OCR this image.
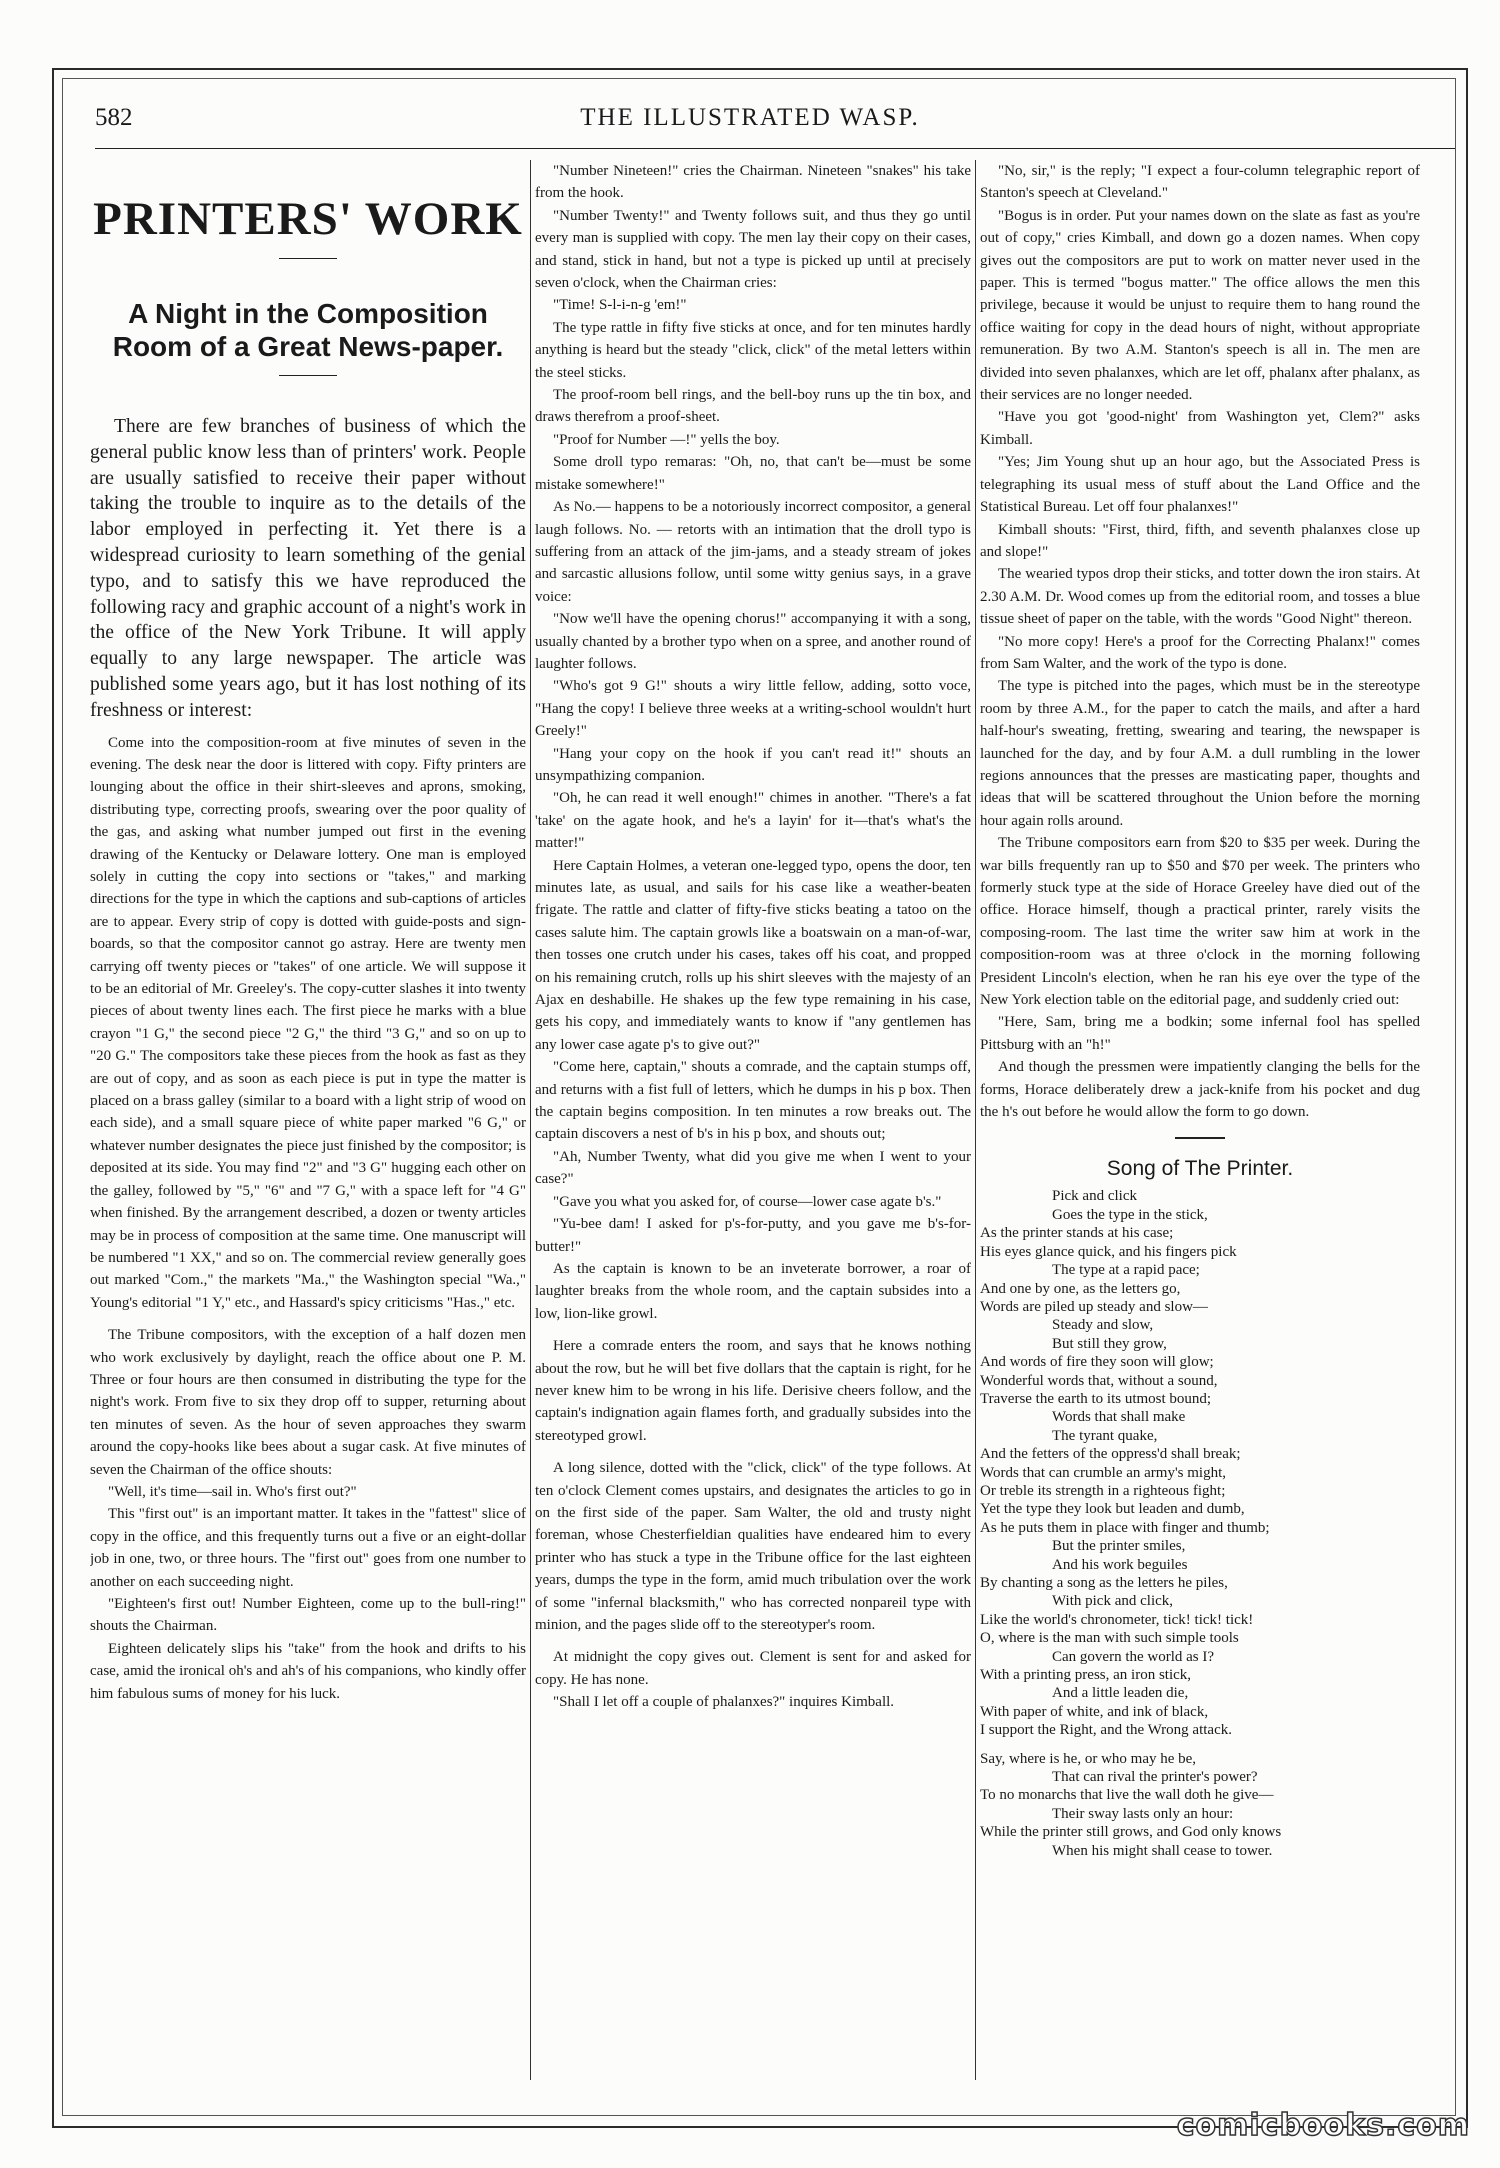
582	THE ILLUSTRATED WASP.
PRINTERS' WORK
A Night in the Composition Room of a Great News-paper.
There are few branches of business of which the general public know less than of printers' work. People are usually satisfied to receive their paper without taking the trouble to inquire as to the details of the labor employed in perfecting it. Yet there is a widespread curiosity to learn something of the genial typo, and to satisfy this we have reproduced the following racy and graphic account of a night's work in the office of the New York Tribune. It will apply equally to any large newspaper. The article was published some years ago, but it has lost nothing of its freshness or interest:

Come into the composition-room at five minutes of seven in the evening. The desk near the door is littered with copy. Fifty printers are lounging about the office in their shirt-sleeves and aprons, smoking, distributing type, correcting proofs, swearing over the poor quality of the gas, and asking what number jumped out first in the evening drawing of the Kentucky or Delaware lottery. One man is employed solely in cutting the copy into sections or "takes," and marking directions for the type in which the captions and sub-captions of articles are to appear. Every strip of copy is dotted with guide-posts and sign-boards, so that the compositor cannot go astray. Here are twenty men carrying off twenty pieces or "takes" of one article. We will suppose it to be an editorial of Mr. Greeley's. The copy-cutter slashes it into twenty pieces of about twenty lines each. The first piece he marks with a blue crayon "1 G," the second piece "2 G," the third "3 G," and so on up to "20 G." The compositors take these pieces from the hook as fast as they are out of copy, and as soon as each piece is put in type the matter is placed on a brass galley (similar to a board with a light strip of wood on each side), and a small square piece of white paper marked "6 G," or whatever number designates the piece just finished by the compositor; is deposited at its side. You may find "2" and "3 G" hugging each other on the galley, followed by "5," "6" and "7 G," with a space left for "4 G" when finished. By the arrangement described, a dozen or twenty articles may be in process of composition at the same time. One manuscript will be numbered "1 XX," and so on. The commercial review generally goes out marked "Com.," the markets "Ma.," the Washington special "Wa.," Young's editorial "1 Y," etc., and Hassard's spicy criticisms "Has.," etc.

The Tribune compositors, with the exception of a half dozen men who work exclusively by daylight, reach the office about one P. M. Three or four hours are then consumed in distributing the type for the night's work. From five to six they drop off to supper, returning about ten minutes of seven. As the hour of seven approaches they swarm around the copy-hooks like bees about a sugar cask. At five minutes of seven the Chairman of the office shouts:

"Well, it's time—sail in. Who's first out?"

This "first out" is an important matter. It takes in the "fattest" slice of copy in the office, and this frequently turns out a five or an eight-dollar job in one, two, or three hours. The "first out" goes from one number to another on each succeeding night.

"Eighteen's first out! Number Eighteen, come up to the bull-ring!" shouts the Chairman.

Eighteen delicately slips his "take" from the hook and drifts to his case, amid the ironical oh's and ah's of his companions, who kindly offer him fabulous sums of money for his luck.

"Number Nineteen!" cries the Chairman. Nineteen "snakes" his take from the hook.

"Number Twenty!" and Twenty follows suit, and thus they go until every man is supplied with copy. The men lay their copy on their cases, and stand, stick in hand, but not a type is picked up until at precisely seven o'clock, when the Chairman cries:

"Time! S-l-i-n-g 'em!"

The type rattle in fifty five sticks at once, and for ten minutes hardly anything is heard but the steady "click, click" of the metal letters within the steel sticks.

The proof-room bell rings, and the bell-boy runs up the tin box, and draws therefrom a proof-sheet.

"Proof for Number —!" yells the boy.

Some droll typo remaras: "Oh, no, that can't be—must be some mistake somewhere!"

As No.— happens to be a notoriously incorrect compositor, a general laugh follows. No. — retorts with an intimation that the droll typo is suffering from an attack of the jim-jams, and a steady stream of jokes and sarcastic allusions follow, until some witty genius says, in a grave voice:

"Now we'll have the opening chorus!" accompanying it with a song, usually chanted by a brother typo when on a spree, and another round of laughter follows.

"Who's got 9 G!" shouts a wiry little fellow, adding, sotto voce, "Hang the copy! I believe three weeks at a writing-school wouldn't hurt Greely!"

"Hang your copy on the hook if you can't read it!" shouts an unsympathizing companion.

"Oh, he can read it well enough!" chimes in another. "There's a fat 'take' on the agate hook, and he's a layin' for it—that's what's the matter!"

Here Captain Holmes, a veteran one-legged typo, opens the door, ten minutes late, as usual, and sails for his case like a weather-beaten frigate. The rattle and clatter of fifty-five sticks beating a tatoo on the cases salute him. The captain growls like a boatswain on a man-of-war, then tosses one crutch under his cases, takes off his coat, and propped on his remaining crutch, rolls up his shirt sleeves with the majesty of an Ajax en deshabille. He shakes up the few type remaining in his case, gets his copy, and immediately wants to know if "any gentlemen has any lower case agate p's to give out?"

"Come here, captain," shouts a comrade, and the captain stumps off, and returns with a fist full of letters, which he dumps in his p box. Then the captain begins composition. In ten minutes a row breaks out. The captain discovers a nest of b's in his p box, and shouts out;

"Ah, Number Twenty, what did you give me when I went to your case?"

"Gave you what you asked for, of course—lower case agate b's."

"Yu-bee dam! I asked for p's-for-putty, and you gave me b's-for-butter!"

As the captain is known to be an inveterate borrower, a roar of laughter breaks from the whole room, and the captain subsides into a low, lion-like growl.

Here a comrade enters the room, and says that he knows nothing about the row, but he will bet five dollars that the captain is right, for he never knew him to be wrong in his life. Derisive cheers follow, and the captain's indignation again flames forth, and gradually subsides into the stereotyped growl.

A long silence, dotted with the "click, click" of the type follows. At ten o'clock Clement comes upstairs, and designates the articles to go in on the first side of the paper. Sam Walter, the old and trusty night foreman, whose Chesterfieldian qualities have endeared him to every printer who has stuck a type in the Tribune office for the last eighteen years, dumps the type in the form, amid much tribulation over the work of some "infernal blacksmith," who has corrected nonpareil type with minion, and the pages slide off to the stereotyper's room.

At midnight the copy gives out. Clement is sent for and asked for copy. He has none.

"Shall I let off a couple of phalanxes?" inquires Kimball.

"No, sir," is the reply; "I expect a four-column telegraphic report of Stanton's speech at Cleveland."

"Bogus is in order. Put your names down on the slate as fast as you're out of copy," cries Kimball, and down go a dozen names. When copy gives out the compositors are put to work on matter never used in the paper. This is termed "bogus matter." The office allows the men this privilege, because it would be unjust to require them to hang round the office waiting for copy in the dead hours of night, without appropriate remuneration. By two A.M. Stanton's speech is all in. The men are divided into seven phalanxes, which are let off, phalanx after phalanx, as their services are no longer needed.

"Have you got 'good-night' from Washington yet, Clem?" asks Kimball.

"Yes; Jim Young shut up an hour ago, but the Associated Press is telegraphing its usual mess of stuff about the Land Office and the Statistical Bureau. Let off four phalanxes!"

Kimball shouts: "First, third, fifth, and seventh phalanxes close up and slope!"

The wearied typos drop their sticks, and totter down the iron stairs. At 2.30 A.M. Dr. Wood comes up from the editorial room, and tosses a blue tissue sheet of paper on the table, with the words "Good Night" thereon.

"No more copy! Here's a proof for the Correcting Phalanx!" comes from Sam Walter, and the work of the typo is done.

The type is pitched into the pages, which must be in the stereotype room by three A.M., for the paper to catch the mails, and after a hard half-hour's sweating, fretting, swearing and tearing, the newspaper is launched for the day, and by four A.M. a dull rumbling in the lower regions announces that the presses are masticating paper, thoughts and ideas that will be scattered throughout the Union before the morning hour again rolls around.

The Tribune compositors earn from $20 to $35 per week. During the war bills frequently ran up to $50 and $70 per week. The printers who formerly stuck type at the side of Horace Greeley have died out of the office. Horace himself, though a practical printer, rarely visits the composing-room. The last time the writer saw him at work in the composition-room was at three o'clock in the morning following President Lincoln's election, when he ran his eye over the type of the New York election table on the editorial page, and suddenly cried out:

"Here, Sam, bring me a bodkin; some infernal fool has spelled Pittsburg with an "h!"

And though the pressmen were impatiently clanging the bells for the forms, Horace deliberately drew a jack-knife from his pocket and dug the h's out before he would allow the form to go down.

Song of The Printer.
Pick and click
Goes the type in the stick,
As the printer stands at his case;
His eyes glance quick, and his fingers pick
The type at a rapid pace;
And one by one, as the letters go,
Words are piled up steady and slow—
Steady and slow,
But still they grow,
And words of fire they soon will glow;
Wonderful words that, without a sound,
Traverse the earth to its utmost bound;
Words that shall make
The tyrant quake,
And the fetters of the oppress'd shall break;
Words that can crumble an army's might,
Or treble its strength in a righteous fight;
Yet the type they look but leaden and dumb,
As he puts them in place with finger and thumb;
But the printer smiles,
And his work beguiles
By chanting a song as the letters he piles,
With pick and click,
Like the world's chronometer, tick! tick! tick!
O, where is the man with such simple tools
Can govern the world as I?
With a printing press, an iron stick,
And a little leaden die,
With paper of white, and ink of black,
I support the Right, and the Wrong attack.
Say, where is he, or who may he be,
That can rival the printer's power?
To no monarchs that live the wall doth he give—
Their sway lasts only an hour:
While the printer still grows, and God only knows
When his might shall cease to tower.
comicbooks.com
